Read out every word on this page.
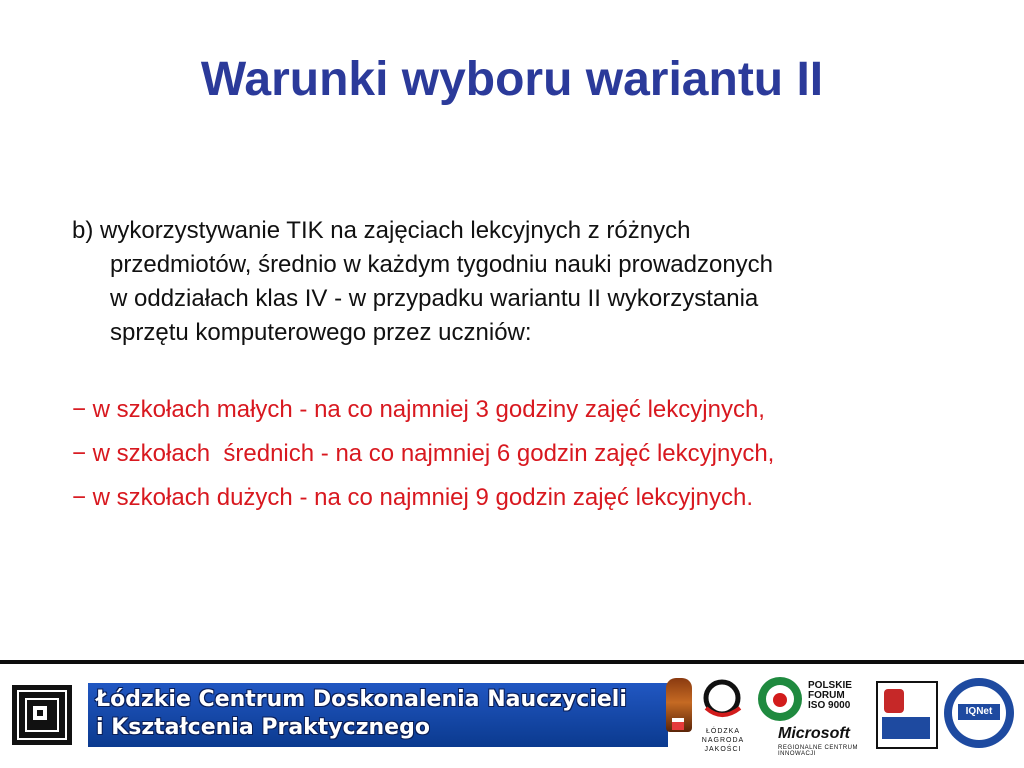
Warunki wyboru wariantu II
b) wykorzystywanie TIK na zajęciach lekcyjnych z różnych
przedmiotów, średnio w każdym tygodniu nauki prowadzonych
w oddziałach klas IV - w przypadku wariantu II wykorzystania
sprzętu komputerowego przez uczniów:
− w szkołach małych - na co najmniej 3 godziny zajęć lekcyjnych,
− w szkołach  średnich - na co najmniej 6 godzin zajęć lekcyjnych,
− w szkołach dużych - na co najmniej 9 godzin zajęć lekcyjnych.
Łódzkie Centrum Doskonalenia Nauczycieli
i Kształcenia Praktycznego	ŁÓDZKA
NAGRODA
JAKOŚCI
POLSKIE
FORUM
ISO 9000
Microsoft
REGIONALNE CENTRUM INNOWACJI
IQNet
